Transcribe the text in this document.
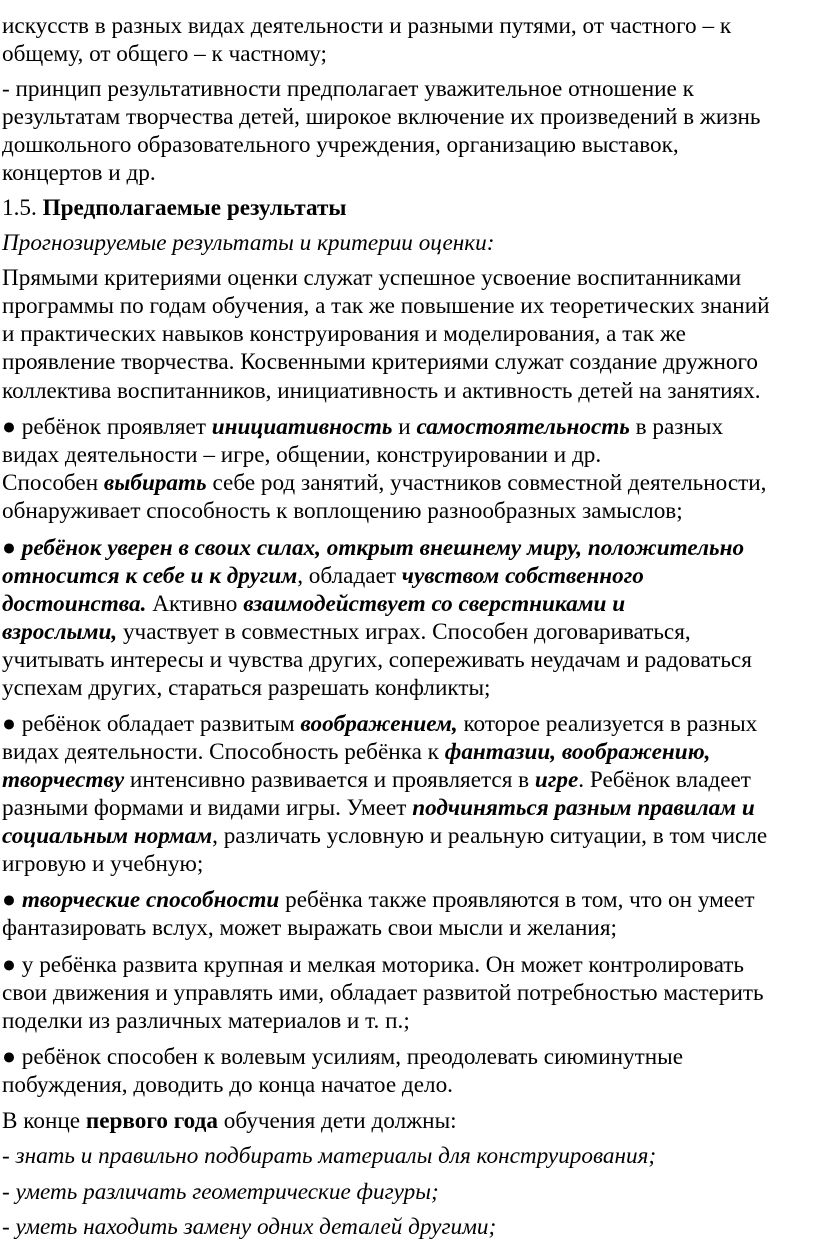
искусств в разных видах деятельности и разными путями, от частного – к

общему, от общего – к частному;

- принцип результативности предполагает уважительное отношение к

результатам творчества детей, широкое включение их произведений в жизнь

дошкольного образовательного учреждения, организацию выставок,

концертов и др.

1.5. Предполагаемые результаты

Прогнозируемые результаты и критерии оценки:

Прямыми критериями оценки служат успешное усвоение воспитанниками

программы по годам обучения, а так же повышение их теоретических знаний

и практических навыков конструирования и моделирования, а так же

проявление творчества. Косвенными критериями служат создание дружного

коллектива воспитанников, инициативность и активность детей на занятиях.

● ребёнок проявляет инициативность и самостоятельность в разных

видах деятельности – игре, общении, конструировании и др.

Способен выбирать себе род занятий, участников совместной деятельности,

обнаруживает способность к воплощению разнообразных замыслов;

● ребёнок уверен в своих силах, открыт внешнему миру, положительно

относится к себе и к другим, обладает чувством собственного

достоинства. Активно взаимодействует со сверстниками и

взрослыми, участвует в совместных играх. Способен договариваться,

учитывать интересы и чувства других, сопереживать неудачам и радоваться

успехам других, стараться разрешать конфликты;

● ребёнок обладает развитым воображением, которое реализуется в разных

видах деятельности. Способность ребёнка к фантазии, воображению,

творчеству интенсивно развивается и проявляется в игре. Ребёнок владеет

разными формами и видами игры. Умеет подчиняться разным правилам и

социальным нормам, различать условную и реальную ситуации, в том числе

игровую и учебную;

● творческие способности ребёнка также проявляются в том, что он умеет

фантазировать вслух, может выражать свои мысли и желания;

● у ребёнка развита крупная и мелкая моторика. Он может контролировать

свои движения и управлять ими, обладает развитой потребностью мастерить

поделки из различных материалов и т. п.;

● ребёнок способен к волевым усилиям, преодолевать сиюминутные

побуждения, доводить до конца начатое дело.

В конце первого года обучения дети должны:

- знать и правильно подбирать материалы для конструирования;

- уметь различать геометрические фигуры;

- уметь находить замену одних деталей другими;
